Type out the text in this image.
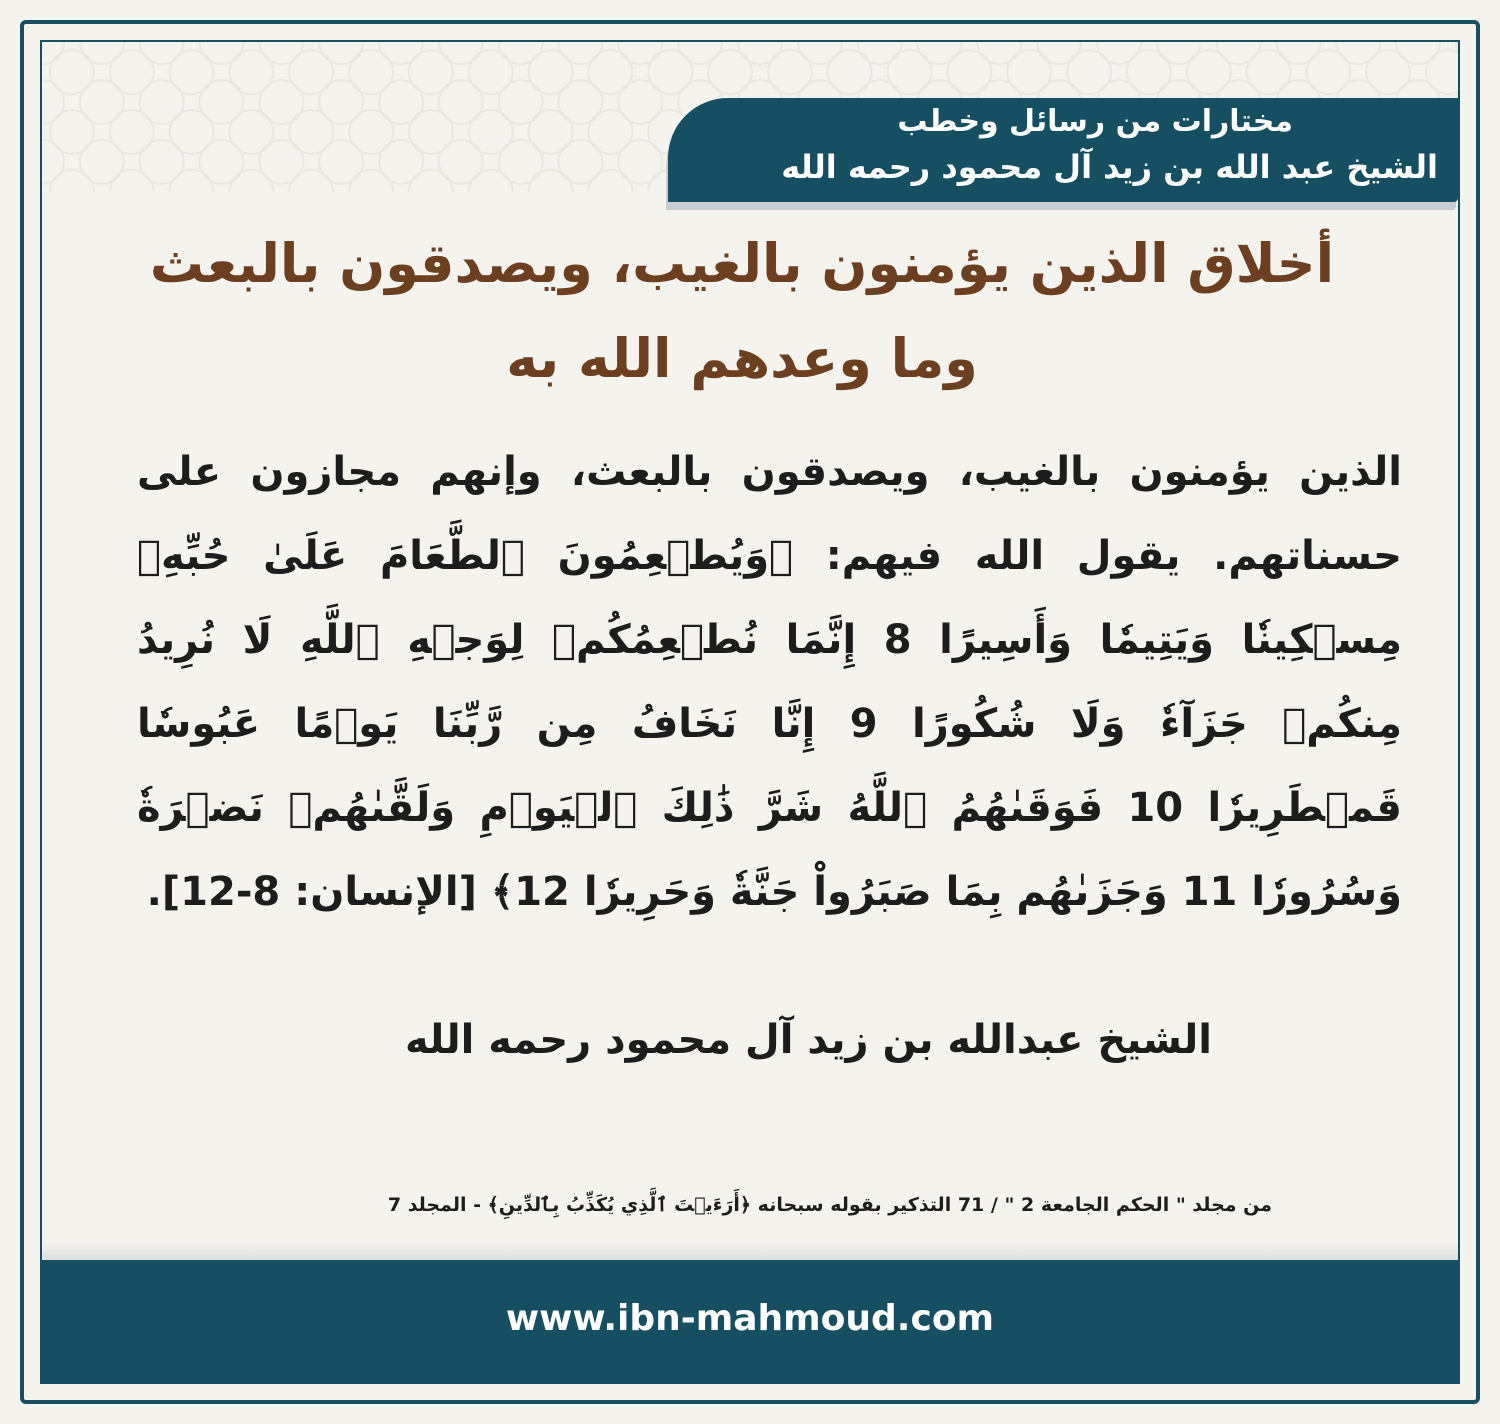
مختارات من رسائل وخطب
الشيخ عبد الله بن زيد آل محمود رحمه الله
أخلاق الذين يؤمنون بالغيب، ويصدقون بالبعث
وما وعدهم الله به
الذين يؤمنون بالغيب، ويصدقون بالبعث، وإنهم مجازون على حسناتهم. يقول الله فيهم: ﴿وَيُطۡعِمُونَ ٱلطَّعَامَ عَلَىٰ حُبِّهِۦ مِسۡكِينٗا وَيَتِيمٗا وَأَسِيرًا 8 إِنَّمَا نُطۡعِمُكُمۡ لِوَجۡهِ ٱللَّهِ لَا نُرِيدُ مِنكُمۡ جَزَآءٗ وَلَا شُكُورًا 9 إِنَّا نَخَافُ مِن رَّبِّنَا يَوۡمًا عَبُوسٗا قَمۡطَرِيرٗا 10 فَوَقَىٰهُمُ ٱللَّهُ شَرَّ ذَٰلِكَ ٱلۡيَوۡمِ وَلَقَّىٰهُمۡ نَضۡرَةٗ وَسُرُورٗا 11 وَجَزَىٰهُم بِمَا صَبَرُواْ جَنَّةٗ وَحَرِيرٗا 12﴾ [الإنسان: 8-12].
الشيخ عبدالله بن زيد آل محمود رحمه الله
من مجلد " الحكم الجامعة 2 " / 71 التذكير بقوله سبحانه ﴿أَرَءَيۡتَ ٱلَّذِي يُكَذِّبُ بِٱلدِّينِ﴾ - المجلد 7
www.ibn-mahmoud.com
